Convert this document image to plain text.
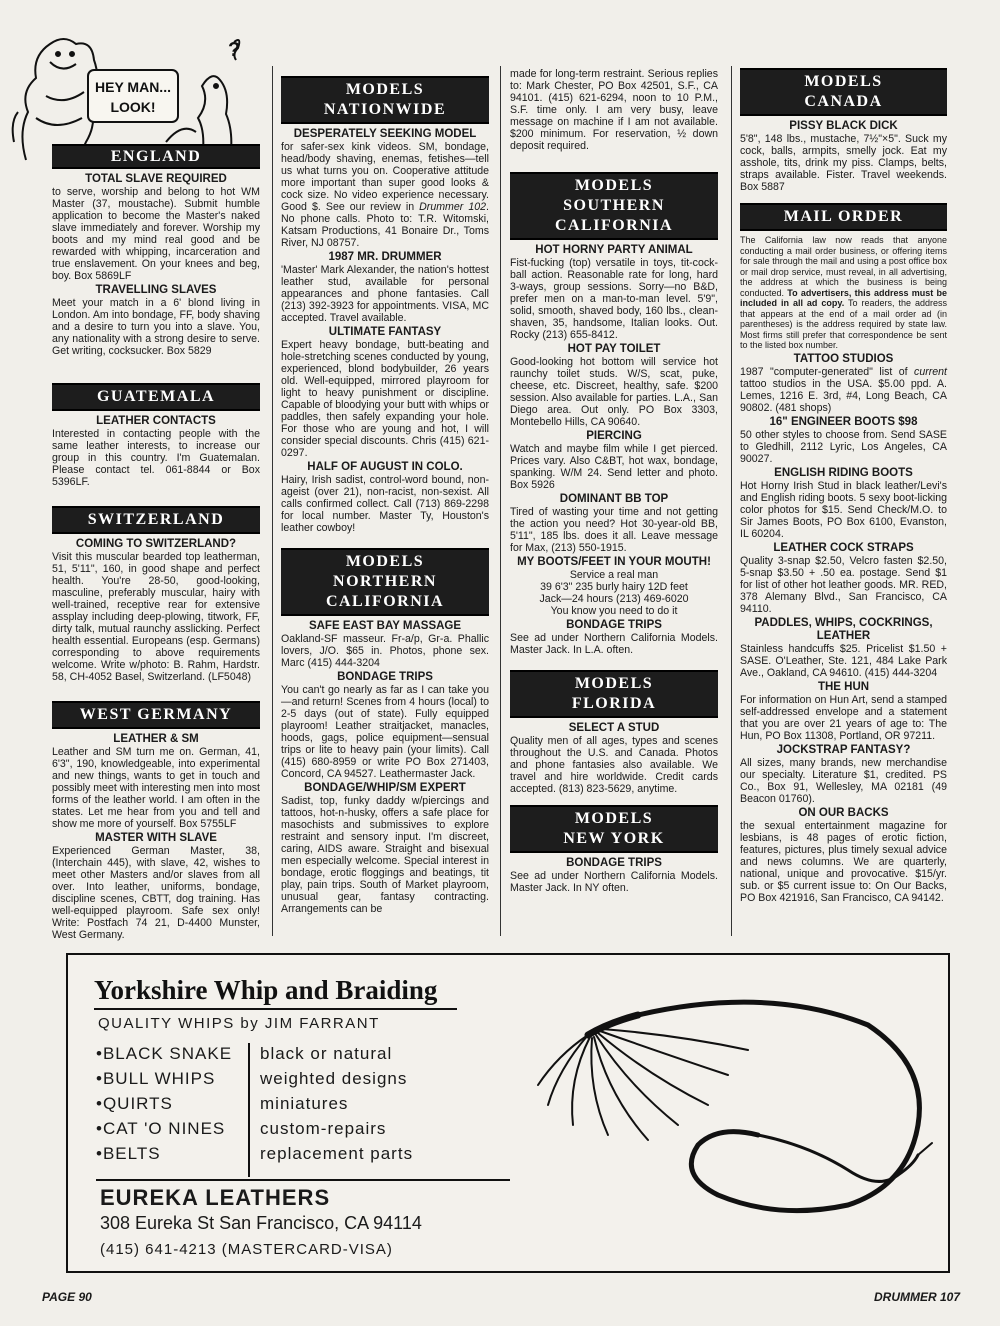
HEY MAN...
LOOK!
?
ENGLAND
TOTAL SLAVE REQUIRED

to serve, worship and belong to hot WM Master (37, moustache). Submit humble application to become the Master's naked slave immediately and forever. Worship my boots and my mind real good and be rewarded with whipping, incarceration and true enslavement. On your knees and beg, boy. Box 5869LF

TRAVELLING SLAVES

Meet your match in a 6' blond living in London. Am into bondage, FF, body shaving and a desire to turn you into a slave. You, any nationality with a strong desire to serve. Get writing, cocksucker. Box 5829

GUATEMALA
LEATHER CONTACTS

Interested in contacting people with the same leather interests, to increase our group in this country. I'm Guatemalan. Please contact tel. 061-8844 or Box 5396LF.

SWITZERLAND
COMING TO SWITZERLAND?

Visit this muscular bearded top leatherman, 51, 5'11", 160, in good shape and perfect health. You're 28-50, good-looking, masculine, preferably muscular, hairy with well-trained, receptive rear for extensive assplay including deep-plowing, titwork, FF, dirty talk, mutual raunchy asslicking. Perfect health essential. Europeans (esp. Germans) corresponding to above requirements welcome. Write w/photo: B. Rahm, Hardstr. 58, CH-4052 Basel, Switzerland. (LF5048)

WEST GERMANY
LEATHER & SM

Leather and SM turn me on. German, 41, 6'3", 190, knowledgeable, into experimental and new things, wants to get in touch and possibly meet with interesting men into most forms of the leather world. I am often in the states. Let me hear from you and tell and show me more of yourself. Box 5755LF

MASTER WITH SLAVE

Experienced German Master, 38, (Interchain 445), with slave, 42, wishes to meet other Masters and/or slaves from all over. Into leather, uniforms, bondage, discipline scenes, CBTT, dog training. Has well-equipped playroom. Safe sex only! Write: Postfach 74 21, D-4400 Munster, West Germany.

MODELS
NATIONWIDE
DESPERATELY SEEKING MODEL

for safer-sex kink videos. SM, bondage, head/body shaving, enemas, fetishes—tell us what turns you on. Cooperative attitude more important than super good looks & cock size. No video experience necessary. Good $. See our review in Drummer 102. No phone calls. Photo to: T.R. Witomski, Katsam Productions, 41 Bonaire Dr., Toms River, NJ 08757.

1987 MR. DRUMMER

'Master' Mark Alexander, the nation's hottest leather stud, available for personal appearances and phone fantasies. Call (213) 392-3923 for appointments. VISA, MC accepted. Travel available.

ULTIMATE FANTASY

Expert heavy bondage, butt-beating and hole-stretching scenes conducted by young, experienced, blond bodybuilder, 26 years old. Well-equipped, mirrored playroom for light to heavy punishment or discipline. Capable of bloodying your butt with whips or paddles, then safely expanding your hole. For those who are young and hot, I will consider special discounts. Chris (415) 621-0297.

HALF OF AUGUST IN COLO.

Hairy, Irish sadist, control-word bound, non-ageist (over 21), non-racist, non-sexist. All calls confirmed collect. Call (713) 869-2298 for local number. Master Ty, Houston's leather cowboy!

MODELS
NORTHERN
CALIFORNIA
SAFE EAST BAY MASSAGE

Oakland-SF masseur. Fr-a/p, Gr-a. Phallic lovers, J/O. $65 in. Photos, phone sex. Marc (415) 444-3204

BONDAGE TRIPS

You can't go nearly as far as I can take you—and return! Scenes from 4 hours (local) to 2-5 days (out of state). Fully equipped playroom! Leather straitjacket, manacles, hoods, gags, police equipment—sensual trips or lite to heavy pain (your limits). Call (415) 680-8959 or write PO Box 271403, Concord, CA 94527. Leathermaster Jack.

BONDAGE/WHIP/SM EXPERT

Sadist, top, funky daddy w/piercings and tattoos, hot-n-husky, offers a safe place for masochists and submissives to explore restraint and sensory input. I'm discreet, caring, AIDS aware. Straight and bisexual men especially welcome. Special interest in bondage, erotic floggings and beatings, tit play, pain trips. South of Market playroom, unusual gear, fantasy contracting. Arrangements can be

made for long-term restraint. Serious replies to: Mark Chester, PO Box 42501, S.F., CA 94101. (415) 621-6294, noon to 10 P.M., S.F. time only. I am very busy, leave message on machine if I am not available. $200 minimum. For reservation, ½ down deposit required.

MODELS
SOUTHERN
CALIFORNIA
HOT HORNY PARTY ANIMAL

Fist-fucking (top) versatile in toys, tit-cock-ball action. Reasonable rate for long, hard 3-ways, group sessions. Sorry—no B&D, prefer men on a man-to-man level. 5'9", solid, smooth, shaved body, 160 lbs., clean-shaven, 35, handsome, Italian looks. Out. Rocky (213) 655-8412.

HOT PAY TOILET

Good-looking hot bottom will service hot raunchy toilet studs. W/S, scat, puke, cheese, etc. Discreet, healthy, safe. $200 session. Also available for parties. L.A., San Diego area. Out only. PO Box 3303, Montebello Hills, CA 90640.

PIERCING

Watch and maybe film while I get pierced. Prices vary. Also C&BT, hot wax, bondage, spanking. W/M 24. Send letter and photo. Box 5926

DOMINANT BB TOP

Tired of wasting your time and not getting the action you need? Hot 30-year-old BB, 5'11", 185 lbs. does it all. Leave message for Max, (213) 550-1915.

MY BOOTS/FEET IN YOUR MOUTH!
Service a real man
39 6'3" 235 burly hairy 12D feet
Jack—24 hours (213) 469-6020
You know you need to do it
BONDAGE TRIPS

See ad under Northern California Models. Master Jack. In L.A. often.

MODELS
FLORIDA
SELECT A STUD

Quality men of all ages, types and scenes throughout the U.S. and Canada. Photos and phone fantasies also available. We travel and hire worldwide. Credit cards accepted. (813) 823-5629, anytime.

MODELS
NEW YORK
BONDAGE TRIPS

See ad under Northern California Models. Master Jack. In NY often.

MODELS
CANADA
PISSY BLACK DICK

5'8", 148 lbs., mustache, 7½"×5". Suck my cock, balls, armpits, smelly jock. Eat my asshole, tits, drink my piss. Clamps, belts, straps available. Fister. Travel weekends. Box 5887

MAIL ORDER

The California law now reads that anyone conducting a mail order business, or offering items for sale through the mail and using a post office box or mail drop service, must reveal, in all advertising, the address at which the business is being conducted. To advertisers, this address must be included in all ad copy. To readers, the address that appears at the end of a mail order ad (in parentheses) is the address required by state law. Most firms still prefer that correspondence be sent to the listed box number.

TATTOO STUDIOS

1987 "computer-generated" list of current tattoo studios in the USA. $5.00 ppd. A. Lemes, 1216 E. 3rd, #4, Long Beach, CA 90802. (481 shops)

16" ENGINEER BOOTS $98

50 other styles to choose from. Send SASE to Gledhill, 2112 Lyric, Los Angeles, CA 90027.

ENGLISH RIDING BOOTS

Hot Horny Irish Stud in black leather/Levi's and English riding boots. 5 sexy boot-licking color photos for $15. Send Check/M.O. to Sir James Boots, PO Box 6100, Evanston, IL 60204.

LEATHER COCK STRAPS

Quality 3-snap $2.50, Velcro fasten $2.50, 5-snap $3.50 + .50 ea. postage. Send $1 for list of other hot leather goods. MR. RED, 378 Alemany Blvd., San Francisco, CA 94110.

PADDLES, WHIPS, COCKRINGS, LEATHER

Stainless handcuffs $25. Pricelist $1.50 + SASE. O'Leather, Ste. 121, 484 Lake Park Ave., Oakland, CA 94610. (415) 444-3204

THE HUN

For information on Hun Art, send a stamped self-addressed envelope and a statement that you are over 21 years of age to: The Hun, PO Box 11308, Portland, OR 97211.

JOCKSTRAP FANTASY?

All sizes, many brands, new merchandise our specialty. Literature $1, credited. PS Co., Box 91, Wellesley, MA 02181 (49 Beacon 01760).

ON OUR BACKS

the sexual entertainment magazine for lesbians, is 48 pages of erotic fiction, features, pictures, plus timely sexual advice and news columns. We are quarterly, national, unique and provocative. $15/yr. sub. or $5 current issue to: On Our Backs, PO Box 421916, San Francisco, CA 94142.

Yorkshire Whip and Braiding
QUALITY WHIPS by JIM FARRANT
•BLACK SNAKE
•BULL WHIPS
•QUIRTS
•CAT 'O NINES
•BELTS
black or natural
weighted designs
miniatures
custom-repairs
replacement parts
EUREKA LEATHERS
308 Eureka St San Francisco, CA 94114
(415) 641-4213 (MASTERCARD-VISA)
PAGE 90	DRUMMER 107
